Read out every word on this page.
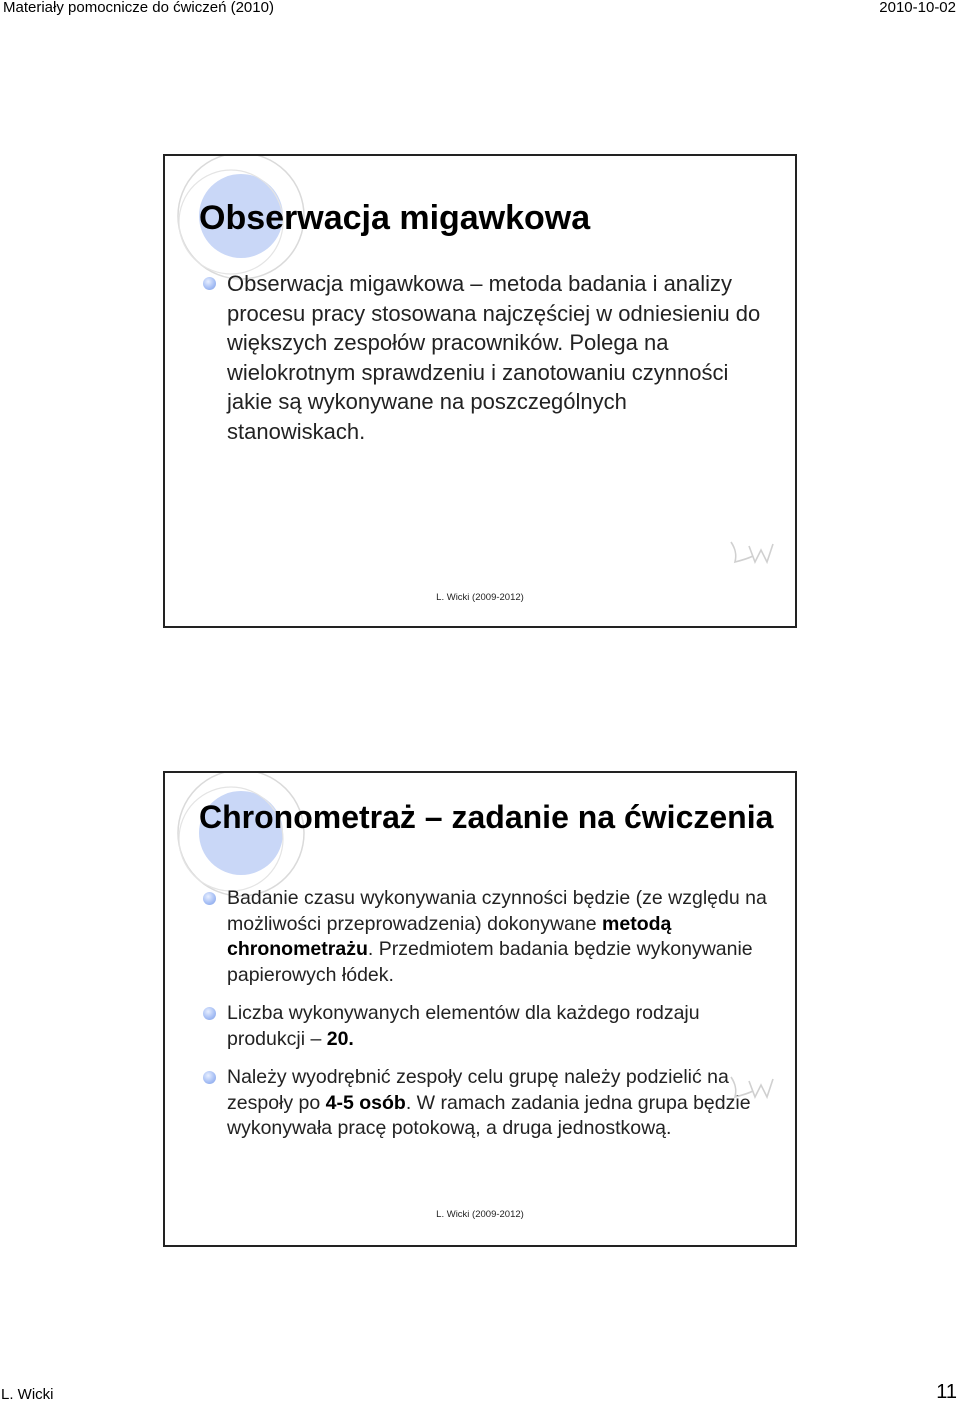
Materiały pomocnicze do ćwiczeń (2010)	2010-10-02
Obserwacja migawkowa
Obserwacja migawkowa – metoda badania i analizy procesu pracy stosowana najczęściej w odniesieniu do większych zespołów pracowników. Polega na wielokrotnym sprawdzeniu i zanotowaniu czynności jakie są wykonywane na poszczególnych stanowiskach.
L. Wicki (2009-2012)
Chronometraż – zadanie na ćwiczenia
Badanie czasu wykonywania czynności będzie (ze względu na możliwości przeprowadzenia) dokonywane metodą chronometrażu. Przedmiotem badania będzie wykonywanie papierowych łódek.
Liczba wykonywanych elementów dla każdego rodzaju produkcji – 20.
Należy wyodrębnić zespoły celu grupę należy podzielić na zespoły po 4-5 osób. W ramach zadania jedna grupa będzie wykonywała pracę potokową, a druga jednostkową.
L. Wicki (2009-2012)
L. Wicki	11
